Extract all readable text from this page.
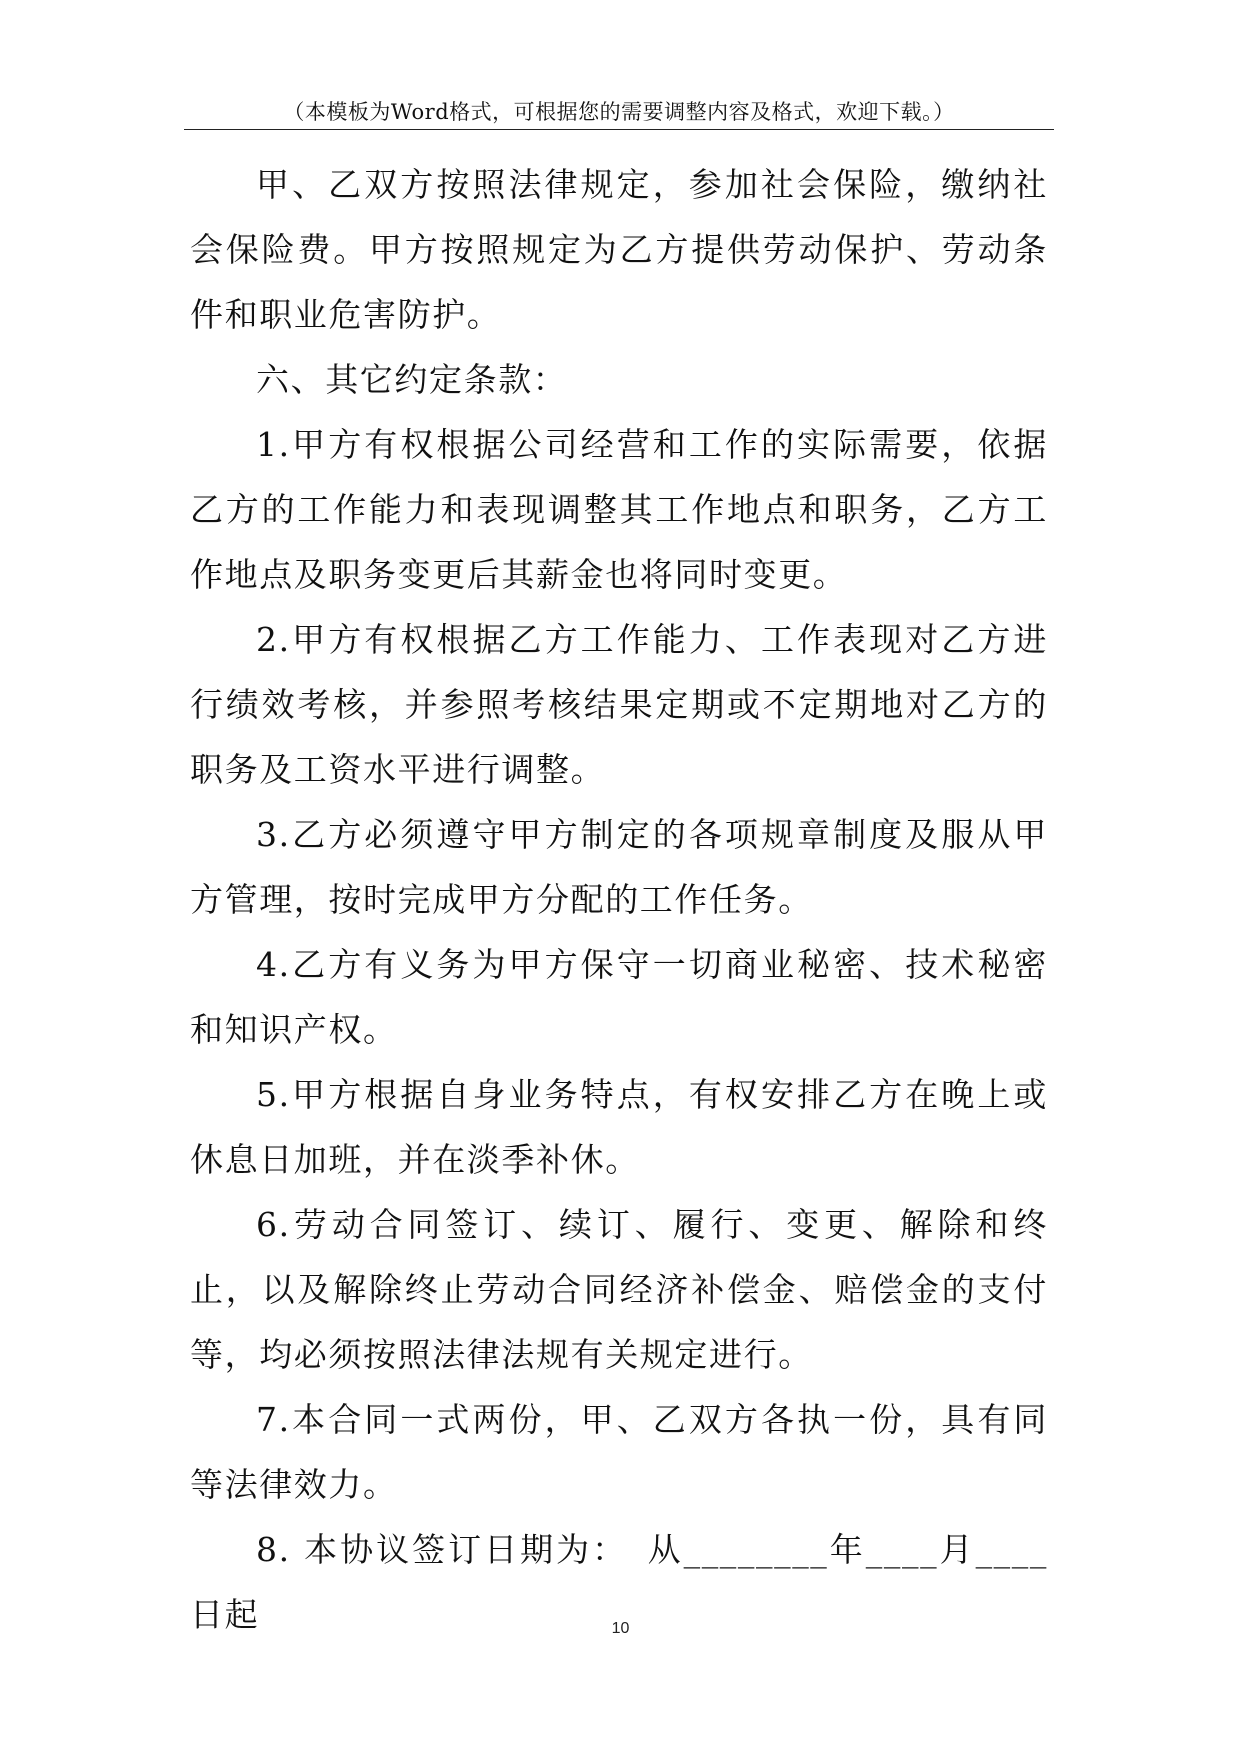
（本模板为Word格式，可根据您的需要调整内容及格式，欢迎下载。）

甲、乙双方按照法律规定，参加社会保险，缴纳社会保险费。甲方按照规定为乙方提供劳动保护、劳动条件和职业危害防护。

六、其它约定条款：

1.甲方有权根据公司经营和工作的实际需要，依据乙方的工作能力和表现调整其工作地点和职务，乙方工作地点及职务变更后其薪金也将同时变更。

2.甲方有权根据乙方工作能力、工作表现对乙方进行绩效考核，并参照考核结果定期或不定期地对乙方的职务及工资水平进行调整。

3.乙方必须遵守甲方制定的各项规章制度及服从甲方管理，按时完成甲方分配的工作任务。

4.乙方有义务为甲方保守一切商业秘密、技术秘密和知识产权。

5.甲方根据自身业务特点，有权安排乙方在晚上或休息日加班，并在淡季补休。

6.劳动合同签订、续订、履行、变更、解除和终止，以及解除终止劳动合同经济补偿金、赔偿金的支付等，均必须按照法律法规有关规定进行。

7.本合同一式两份，甲、乙双方各执一份，具有同等法律效力。

8. 本协议签订日期为：　从________年____月____日起	10
